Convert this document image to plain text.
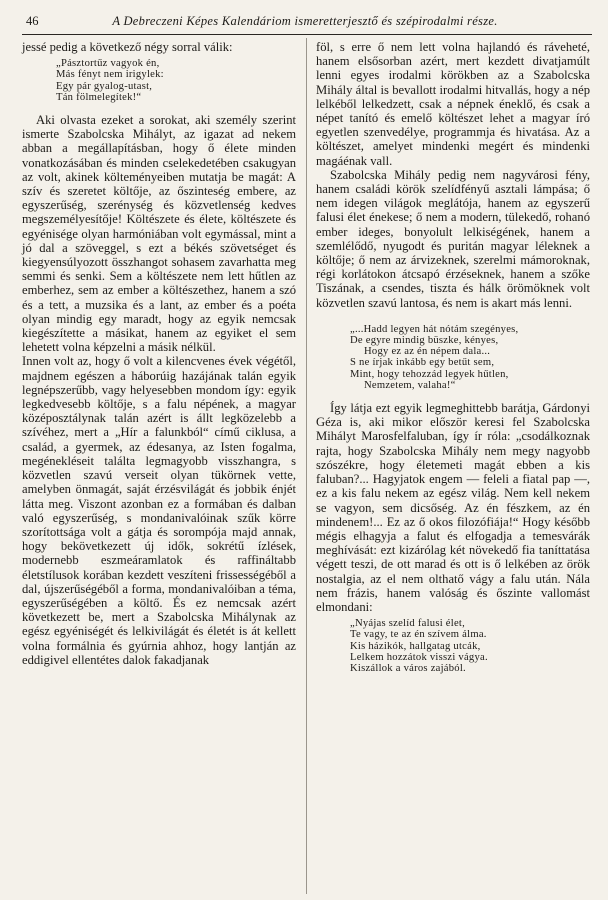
46	A Debreczeni Képes Kalendáriom ismeretterjesztő és szépirodalmi része.

jessé pedig a következő négy sorral válik:

„Pásztortűz vagyok én,
Más fényt nem irigylek:
Egy pár gyalog-utast,
Tán fölmelegítek!“

Aki olvasta ezeket a sorokat, aki személy szerint ismerte Szabolcska Mihályt, az igazat ad nekem abban a megállapításban, hogy ő élete minden vonatkozásában és minden cselekedetében csakugyan az volt, akinek költeményeiben mutatja be magát: A szív és szeretet költője, az őszinteség embere, az egyszerűség, szerénység és közvetlenség kedves megszemélyesítője! Költészete és élete, költészete és egyénisége olyan harmóniában volt egymással, mint a jó dal a szöveggel, s ezt a békés szövetséget és kiegyensúlyozott összhangot sohasem zavarhatta meg semmi és senki. Sem a költészete nem lett hűtlen az emberhez, sem az ember a költészethez, hanem a szó és a tett, a muzsika és a lant, az ember és a poéta olyan mindig egy maradt, hogy az egyik nemcsak kiegészítette a másikat, hanem az egyiket el sem lehetett volna képzelni a másik nélkül.

Innen volt az, hogy ő volt a kilencvenes évek végétől, majdnem egészen a háborúig hazájának talán egyik legnépszerűbb, vagy helyesebben mondom így: egyik legkedvesebb költője, s a falu népének, a magyar középosztálynak talán azért is állt legközelebb a szívéhez, mert a „Hír a falunkból“ című ciklusa, a család, a gyermek, az édesanya, az Isten fogalma, megénekléseit találta legmagyobb visszhangra, s közvetlen szavú verseit olyan tükörnek vette, amelyben önmagát, saját érzésvilágát és jobbik énjét látta meg. Viszont azonban ez a formában és dalban való egyszerűség, s mondanivalóinak szűk körre szorítottsága volt a gátja és sorompója majd annak, hogy bekövetkezett új idők, sokrétű ízlések, modernebb eszmeáramlatok és raffináltabb életstílusok korában kezdett veszíteni frissességéből a dal, újszerűségéből a forma, mondanivalóiban a téma, egyszerűségében a költő. És ez nemcsak azért következett be, mert a Szabolcska Mihálynak az egész egyéniségét és lelkivilágát és életét is át kellett volna formálnia és gyúrnia ahhoz, hogy lantján az eddigivel ellentétes dalok fakadjanak

föl, s erre ő nem lett volna hajlandó és ráveheté, hanem elsősorban azért, mert kezdett divatjamúlt lenni egyes irodalmi körökben az a Szabolcska Mihály által is bevallott irodalmi hitvallás, hogy a nép lelkéből lelkedzett, csak a népnek éneklő, és csak a népet tanító és emelő költészet lehet a magyar író egyetlen szenvedélye, programmja és hivatása. Az a költészet, amelyet mindenki megért és mindenki magáénak vall.

Szabolcska Mihály pedig nem nagyvárosi fény, hanem családi körök szelídfényű asztali lámpása; ő nem idegen világok meglátója, hanem az egyszerű falusi élet énekese; ő nem a modern, tülekedő, rohanó ember ideges, bonyolult lelkiségének, hanem a szemlélődő, nyugodt és puritán magyar léleknek a költője; ő nem az árvizeknek, szerelmi mámoroknak, régi korlátokon átcsapó érzéseknek, hanem a szőke Tiszának, a csendes, tiszta és hálk örömöknek volt közvetlen szavú lantosa, és nem is akart más lenni.

„...Hadd legyen hát nótám szegényes,
De egyre mindig büszke, kényes,
Hogy ez az én népem dala...
S ne írjak inkább egy betűt sem,
Mint, hogy tehozzád legyek hűtlen,
Nemzetem, valaha!“

Így látja ezt egyik legmeghittebb barátja, Gárdonyi Géza is, aki mikor először keresi fel Szabolcska Mihályt Marosfelfaluban, így ír róla: „csodálkoznak rajta, hogy Szabolcska Mihály nem megy nagyobb szószékre, hogy életemeti magát ebben a kis faluban?... Hagyjatok engem — feleli a fiatal pap —, ez a kis falu nekem az egész világ. Nem kell nekem se vagyon, sem dicsőség. Az én fészkem, az én mindenem!... Ez az ő okos filozófiája!“ Hogy később mégis elhagyja a falut és elfogadja a temesvárák meghívását: ezt kizárólag két növekedő fia taníttatása végett teszi, de ott marad és ott is ő lelkében az örök nostalgia, az el nem olthatő vágy a falu után. Nála nem frázis, hanem valóság és őszinte vallomást elmondani:

„Nyájas szelíd falusi élet,
Te vagy, te az én szívem álma.
Kis házikók, hallgatag utcák,
Lelkem hozzátok visszi vágya.
Kiszállok a város zajából.
